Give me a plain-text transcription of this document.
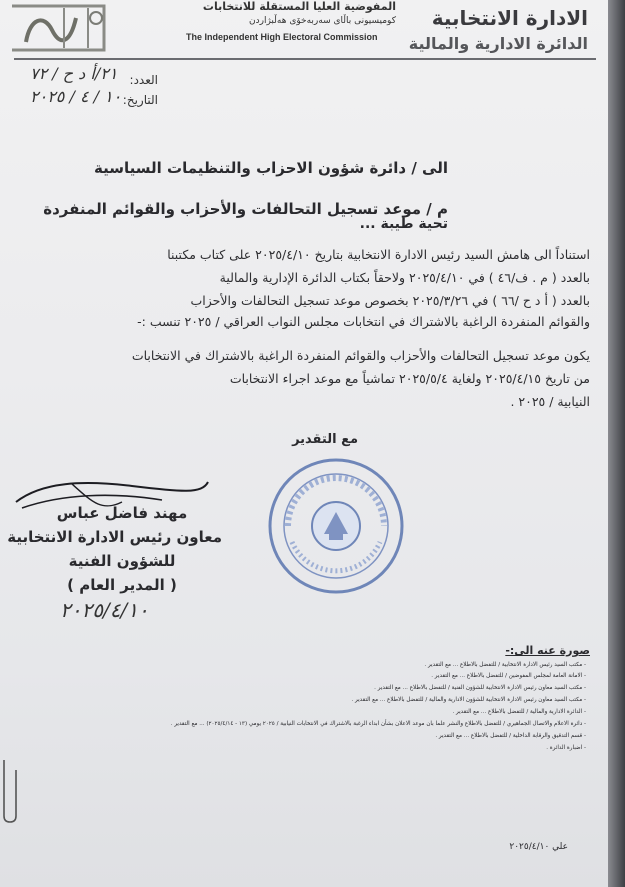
الادارة الانتخابية
الدائرة الادارية والمالية
المفوضية العليا المستقلة للانتخابات
کومیسیونی باڵای سەربەخۆی هەڵبژاردن
The Independent High Electoral Commission
العدد:
٢١/أ د ح / ٧٢
التاريخ:
١٠ / ٤ / ٢٠٢٥
الى / دائرة شؤون الاحزاب والتنظيمات السياسية
م / موعد تسجيل التحالفات والأحزاب والقوائم المنفردة
تحية طيبة ...
استناداً الى هامش السيد رئيس الادارة الانتخابية بتاريخ ٢٠٢٥/٤/١٠ على كتاب مكتبنا
بالعدد ( م . ف/٤٦ ) في ٢٠٢٥/٤/١٠ ولاحقاً بكتاب الدائرة الإدارية والمالية
بالعدد ( أ د ح /٦٦ ) في ٢٠٢٥/٣/٢٦ بخصوص موعد تسجيل التحالفات والأحزاب
والقوائم المنفردة الراغبة بالاشتراك في انتخابات مجلس النواب العراقي / ٢٠٢٥ تنسب :-
يكون موعد تسجيل التحالفات والأحزاب والقوائم المنفردة الراغبة بالاشتراك في الانتخابات
من تاريخ ٢٠٢٥/٤/١٥ ولغاية ٢٠٢٥/٥/٤ تماشياً مع موعد اجراء الانتخابات
النيابية / ٢٠٢٥ .
مع التقدير
مهند فاضل عباس
معاون رئيس الادارة الانتخابية
للشؤون الفنية
( المدير العام )
٢٠٢٥/٤/١٠
صورة عنه الى:-
- مكتب السيد رئيس الادارة الانتخابية / للتفضل بالاطلاع ... مع التقدير .
- الامانة العامة لمجلس المفوضين / للتفضل بالاطلاع ... مع التقدير .
- مكتب السيد معاون رئيس الادارة الانتخابية للشؤون الفنية / للتفضل بالاطلاع ... مع التقدير .
- مكتب السيد معاون رئيس الادارة الانتخابية للشؤون الادارية والمالية / للتفضل بالاطلاع ... مع التقدير .
- الدائرة الادارية والمالية / للتفضل بالاطلاع ... مع التقدير .
- دائرة الاعلام والاتصال الجماهيري / للتفضل بالاطلاع والنشر علما بان موعد الاعلان بشأن ابداء الرغبة بالاشتراك في الانتخابات النيابية / ٢٠٢٥ يومي (١٣ - ٢٠٢٥/٤/١٤) ... مع التقدير .
- قسم التدقيق والرقابة الداخلية / للتفضل بالاطلاع ... مع التقدير .
- اضبارة الدائرة .
علي ٢٠٢٥/٤/١٠
